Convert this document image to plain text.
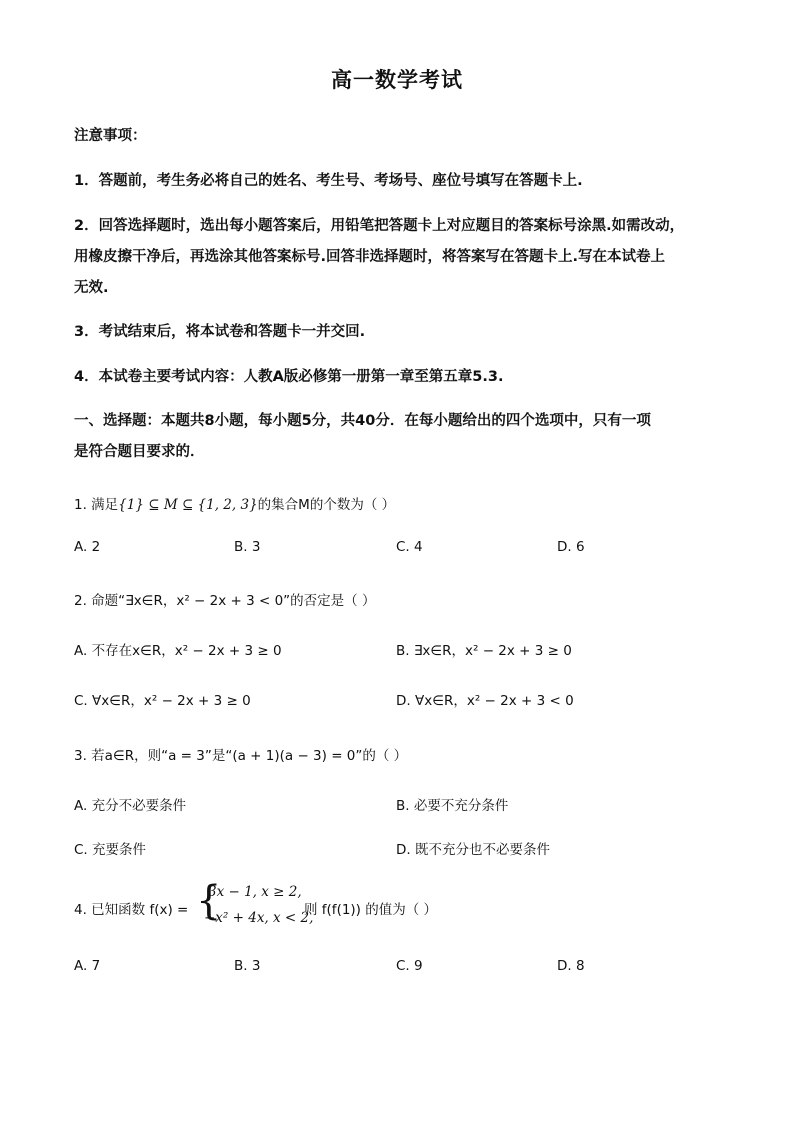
高一数学考试
注意事项：
1．答题前，考生务必将自己的姓名、考生号、考场号、座位号填写在答题卡上.
2．回答选择题时，选出每小题答案后，用铅笔把答题卡上对应题目的答案标号涂黑.如需改动，
用橡皮擦干净后，再选涂其他答案标号.回答非选择题时，将答案写在答题卡上.写在本试卷上
无效.
3．考试结束后，将本试卷和答题卡一并交回.
4．本试卷主要考试内容：人教A版必修第一册第一章至第五章5.3.
一、选择题：本题共8小题，每小题5分，共40分．在每小题给出的四个选项中，只有一项
是符合题目要求的．
1. 满足{1} ⊆ M ⊆ {1, 2, 3}的集合M的个数为（ ）
A. 2	B. 3	C. 4	D. 6
2. 命题“∃x∈R，x² − 2x + 3 < 0”的否定是（ ）
A. 不存在x∈R，x² − 2x + 3 ≥ 0	B. ∃x∈R，x² − 2x + 3 ≥ 0
C. ∀x∈R，x² − 2x + 3 ≥ 0	D. ∀x∈R，x² − 2x + 3 < 0
3. 若a∈R，则“a = 3”是“(a + 1)(a − 3) = 0”的（ ）
A. 充分不必要条件	B. 必要不充分条件
C. 充要条件	D. 既不充分也不必要条件
4. 已知函数 f(x) = {
3x − 1, x ≥ 2,
−x² + 4x, x < 2,
则 f(f(1)) 的值为（ ）
A. 7	B. 3	C. 9	D. 8
